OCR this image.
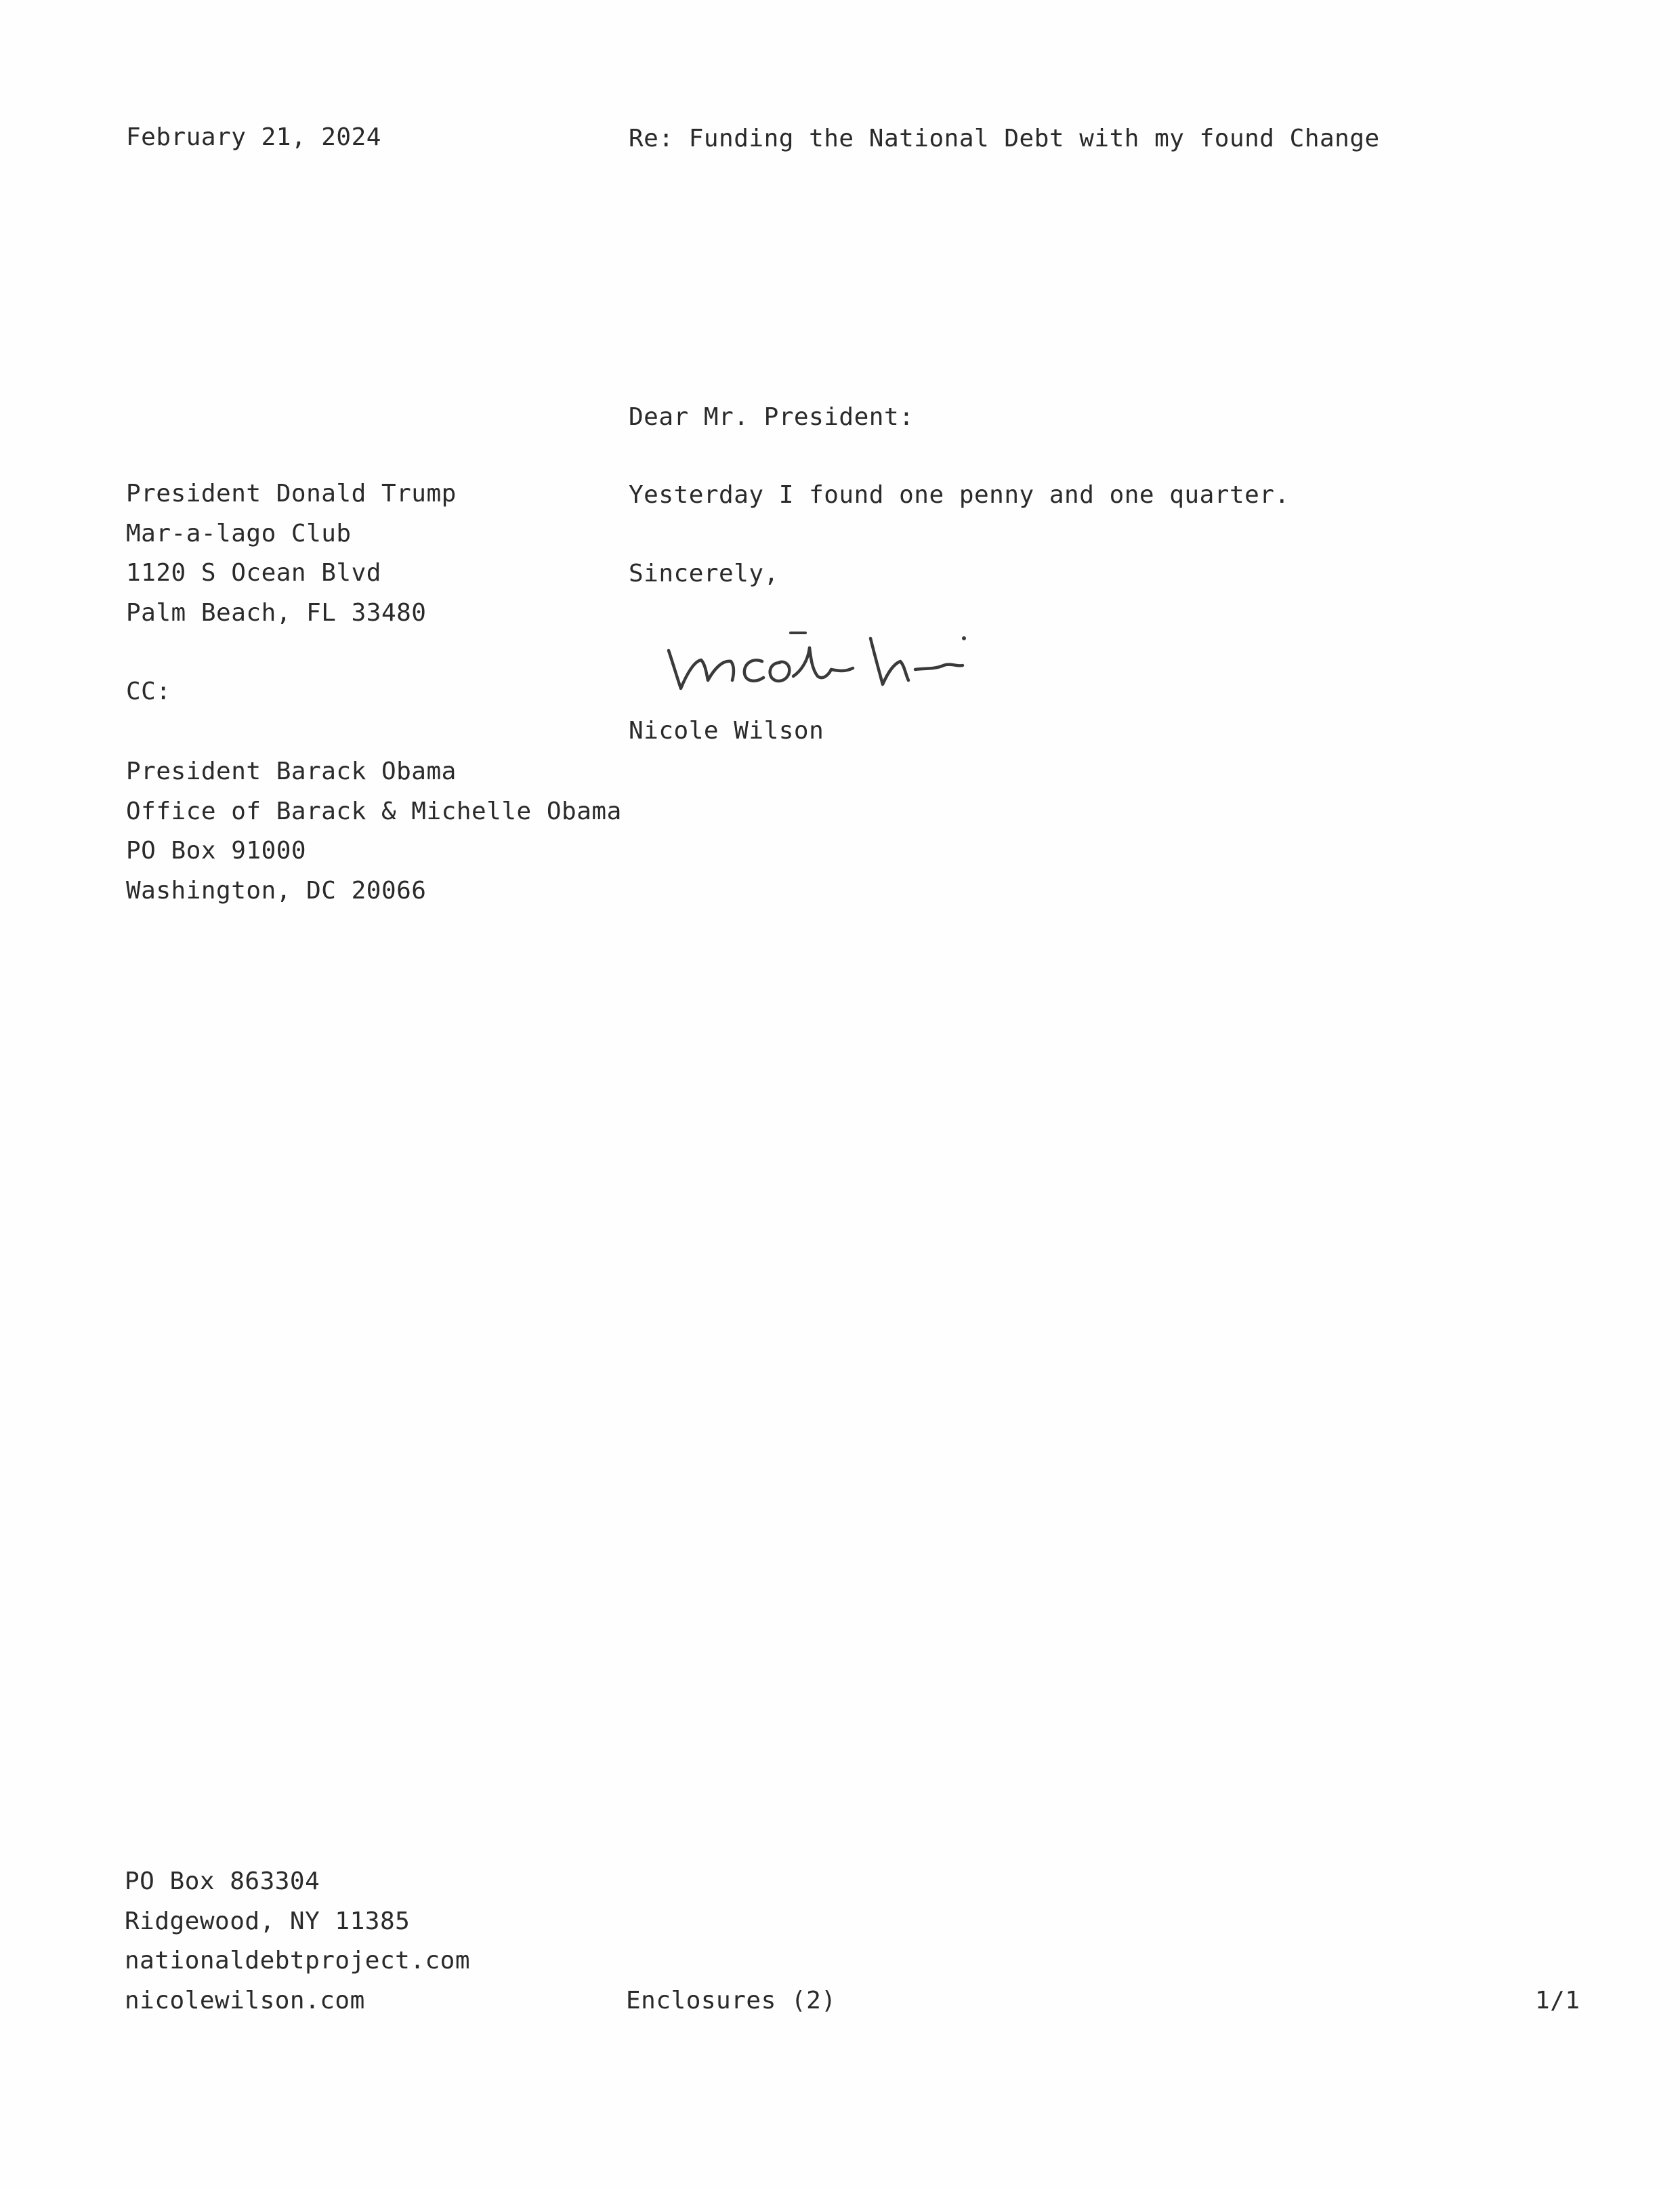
February 21, 2024	Re: Funding the National Debt with my found Change
Dear Mr. President:
President Donald Trump
Mar-a-lago Club
1120 S Ocean Blvd
Palm Beach, FL 33480
Yesterday I found one penny and one quarter.
Sincerely,
Nicole Wilson
CC:
President Barack Obama
Office of Barack & Michelle Obama
PO Box 91000
Washington, DC 20066
PO Box 863304
Ridgewood, NY 11385
nationaldebtproject.com
nicolewilson.com	Enclosures (2)	1/1
